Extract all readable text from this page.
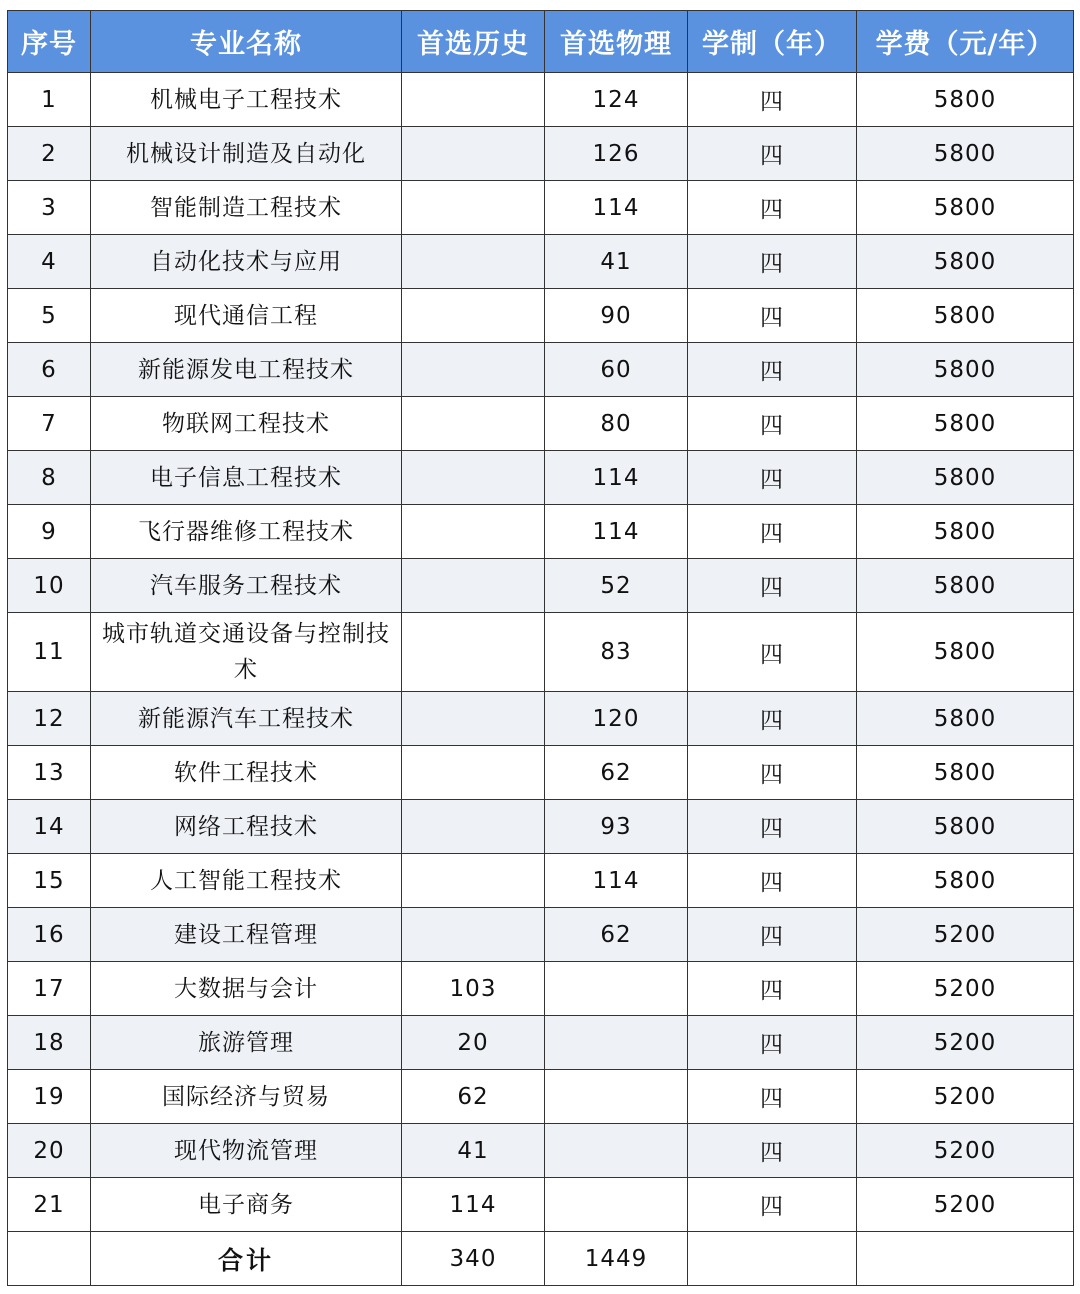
序号	专业名称	首选历史	首选物理	学制（年）	学费（元/年）
1	机械电子工程技术		124	四	5800
2	机械设计制造及自动化		126	四	5800
3	智能制造工程技术		114	四	5800
4	自动化技术与应用		41	四	5800
5	现代通信工程		90	四	5800
6	新能源发电工程技术		60	四	5800
7	物联网工程技术		80	四	5800
8	电子信息工程技术		114	四	5800
9	飞行器维修工程技术		114	四	5800
10	汽车服务工程技术		52	四	5800
11	城市轨道交通设备与控制技术		83	四	5800
12	新能源汽车工程技术		120	四	5800
13	软件工程技术		62	四	5800
14	网络工程技术		93	四	5800
15	人工智能工程技术		114	四	5800
16	建设工程管理		62	四	5200
17	大数据与会计	103		四	5200
18	旅游管理	20		四	5200
19	国际经济与贸易	62		四	5200
20	现代物流管理	41		四	5200
21	电子商务	114		四	5200
	合计	340	1449		
